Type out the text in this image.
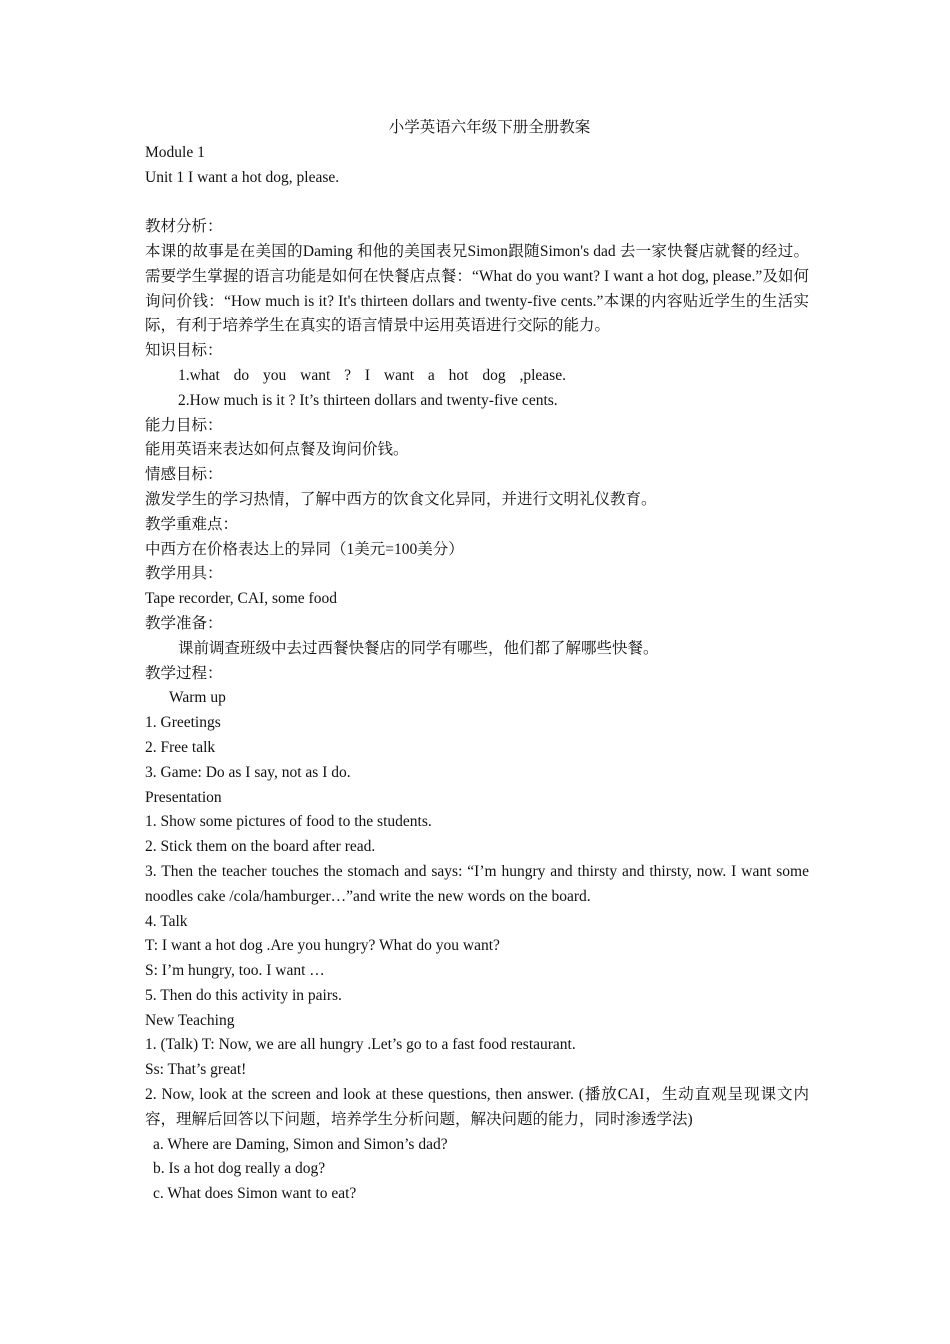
小学英语六年级下册全册教案

Module 1

Unit 1 I want a hot dog, please.

教材分析：

本课的故事是在美国的Daming 和他的美国表兄Simon跟随Simon's dad 去一家快餐店就餐的经过。需要学生掌握的语言功能是如何在快餐店点餐：“What do you want? I want a hot dog, please.”及如何询问价钱：“How much is it? It's thirteen dollars and twenty-five cents.”本课的内容贴近学生的生活实际，有利于培养学生在真实的语言情景中运用英语进行交际的能力。

知识目标：

1.what do you want ? I want a hot dog ,please.

2.How much is it ? It’s thirteen dollars and twenty-five cents.

能力目标：

能用英语来表达如何点餐及询问价钱。

情感目标：

激发学生的学习热情，了解中西方的饮食文化异同，并进行文明礼仪教育。

教学重难点：

中西方在价格表达上的异同（1美元=100美分）

教学用具：

Tape recorder, CAI, some food

教学准备：

课前调查班级中去过西餐快餐店的同学有哪些，他们都了解哪些快餐。

教学过程：

Warm up

1. Greetings

2. Free talk

3. Game: Do as I say, not as I do.

Presentation

1. Show some pictures of food to the students.

2. Stick them on the board after read.

3. Then the teacher touches the stomach and says: “I’m hungry and thirsty and thirsty, now. I want some noodles cake /cola/hamburger…”and write the new words on the board.

4. Talk

T: I want a hot dog .Are you hungry? What do you want?

S: I’m hungry, too. I want …

5. Then do this activity in pairs.

New Teaching

1. (Talk) T: Now, we are all hungry .Let’s go to a fast food restaurant.

Ss: That’s great!

2. Now, look at the screen and look at these questions, then answer. (播放CAI，生动直观呈现课文内容，理解后回答以下问题，培养学生分析问题，解决问题的能力，同时渗透学法)

a. Where are Daming, Simon and Simon’s dad?

b. Is a hot dog really a dog?

c. What does Simon want to eat?
